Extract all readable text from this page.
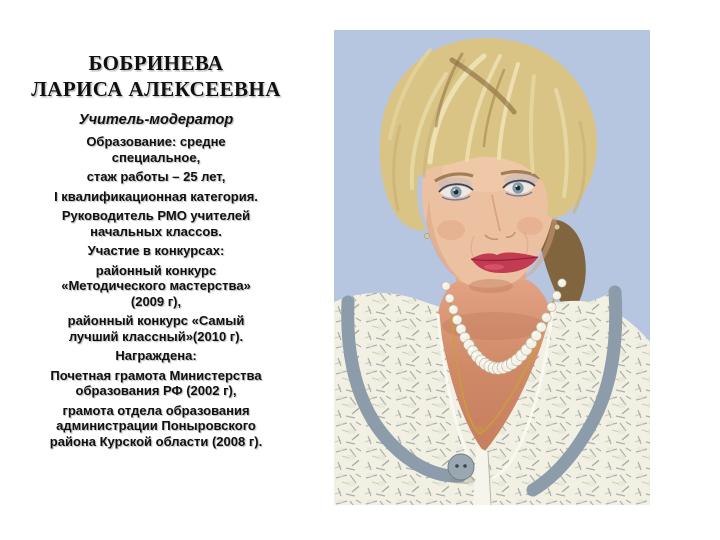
БОБРИНЕВА
ЛАРИСА АЛЕКСЕЕВНА
Учитель-модератор

Образование: средне
специальное,

стаж работы – 25 лет,

I квалификационная категория.

Руководитель РМО учителей
начальных классов.

Участие в конкурсах:

районный конкурс
«Методического мастерства»
(2009 г),

районный конкурс «Самый
лучший классный»(2010 г).

Награждена:

Почетная грамота Министерства
образования РФ (2002 г),

грамота отдела образования
администрации Поныровского
района Курской области (2008 г).
